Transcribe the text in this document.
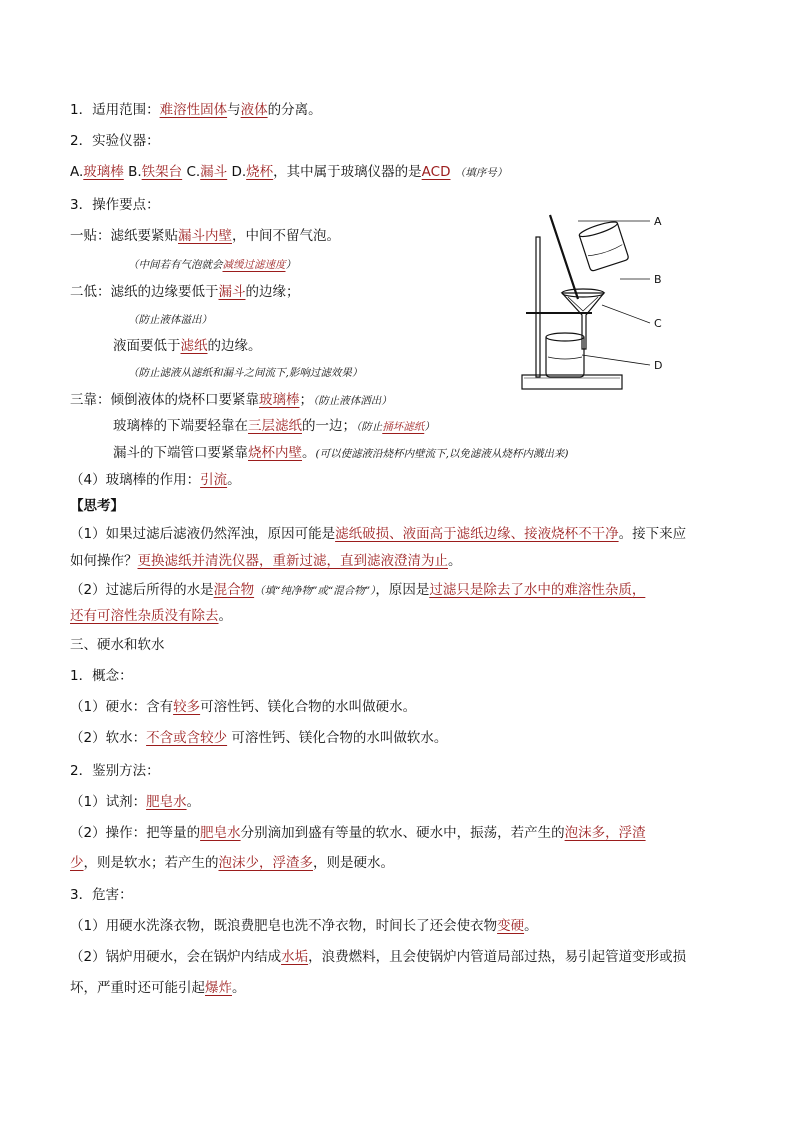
1．适用范围：难溶性固体与液体的分离。
2．实验仪器：
A.玻璃棒 B.铁架台 C.漏斗 D.烧杯，其中属于玻璃仪器的是ACD （填序号）
3．操作要点：
一贴：滤纸要紧贴漏斗内壁，中间不留气泡。
（中间若有气泡就会减缓过滤速度）
二低：滤纸的边缘要低于漏斗的边缘；
（防止液体溢出）
液面要低于滤纸的边缘。
（防止滤液从滤纸和漏斗之间流下,影响过滤效果）
三靠：倾倒液体的烧杯口要紧靠玻璃棒；（防止液体洒出）
玻璃棒的下端要轻靠在三层滤纸的一边；（防止捅坏滤纸）
漏斗的下端管口要紧靠烧杯内壁。(可以使滤液沿烧杯内壁流下,以免滤液从烧杯内溅出来)
（4）玻璃棒的作用：引流。
【思考】
（1）如果过滤后滤液仍然浑浊，原因可能是滤纸破损、液面高于滤纸边缘、接液烧杯不干净。接下来应
如何操作？更换滤纸并清洗仪器，重新过滤，直到滤液澄清为止。
（2）过滤后所得的水是混合物（填“纯净物”或“混合物”），原因是过滤只是除去了水中的难溶性杂质，
还有可溶性杂质没有除去。
三、硬水和软水
1．概念：
（1）硬水：含有较多可溶性钙、镁化合物的水叫做硬水。
（2）软水：不含或含较少 可溶性钙、镁化合物的水叫做软水。
2．鉴别方法：
（1）试剂：肥皂水。
（2）操作：把等量的肥皂水分别滴加到盛有等量的软水、硬水中，振荡，若产生的泡沫多，浮渣
少，则是软水；若产生的泡沫少，浮渣多，则是硬水。
3．危害：
（1）用硬水洗涤衣物，既浪费肥皂也洗不净衣物，时间长了还会使衣物变硬。
（2）锅炉用硬水，会在锅炉内结成水垢，浪费燃料，且会使锅炉内管道局部过热，易引起管道变形或损
坏，严重时还可能引起爆炸。
A
B
C
D
